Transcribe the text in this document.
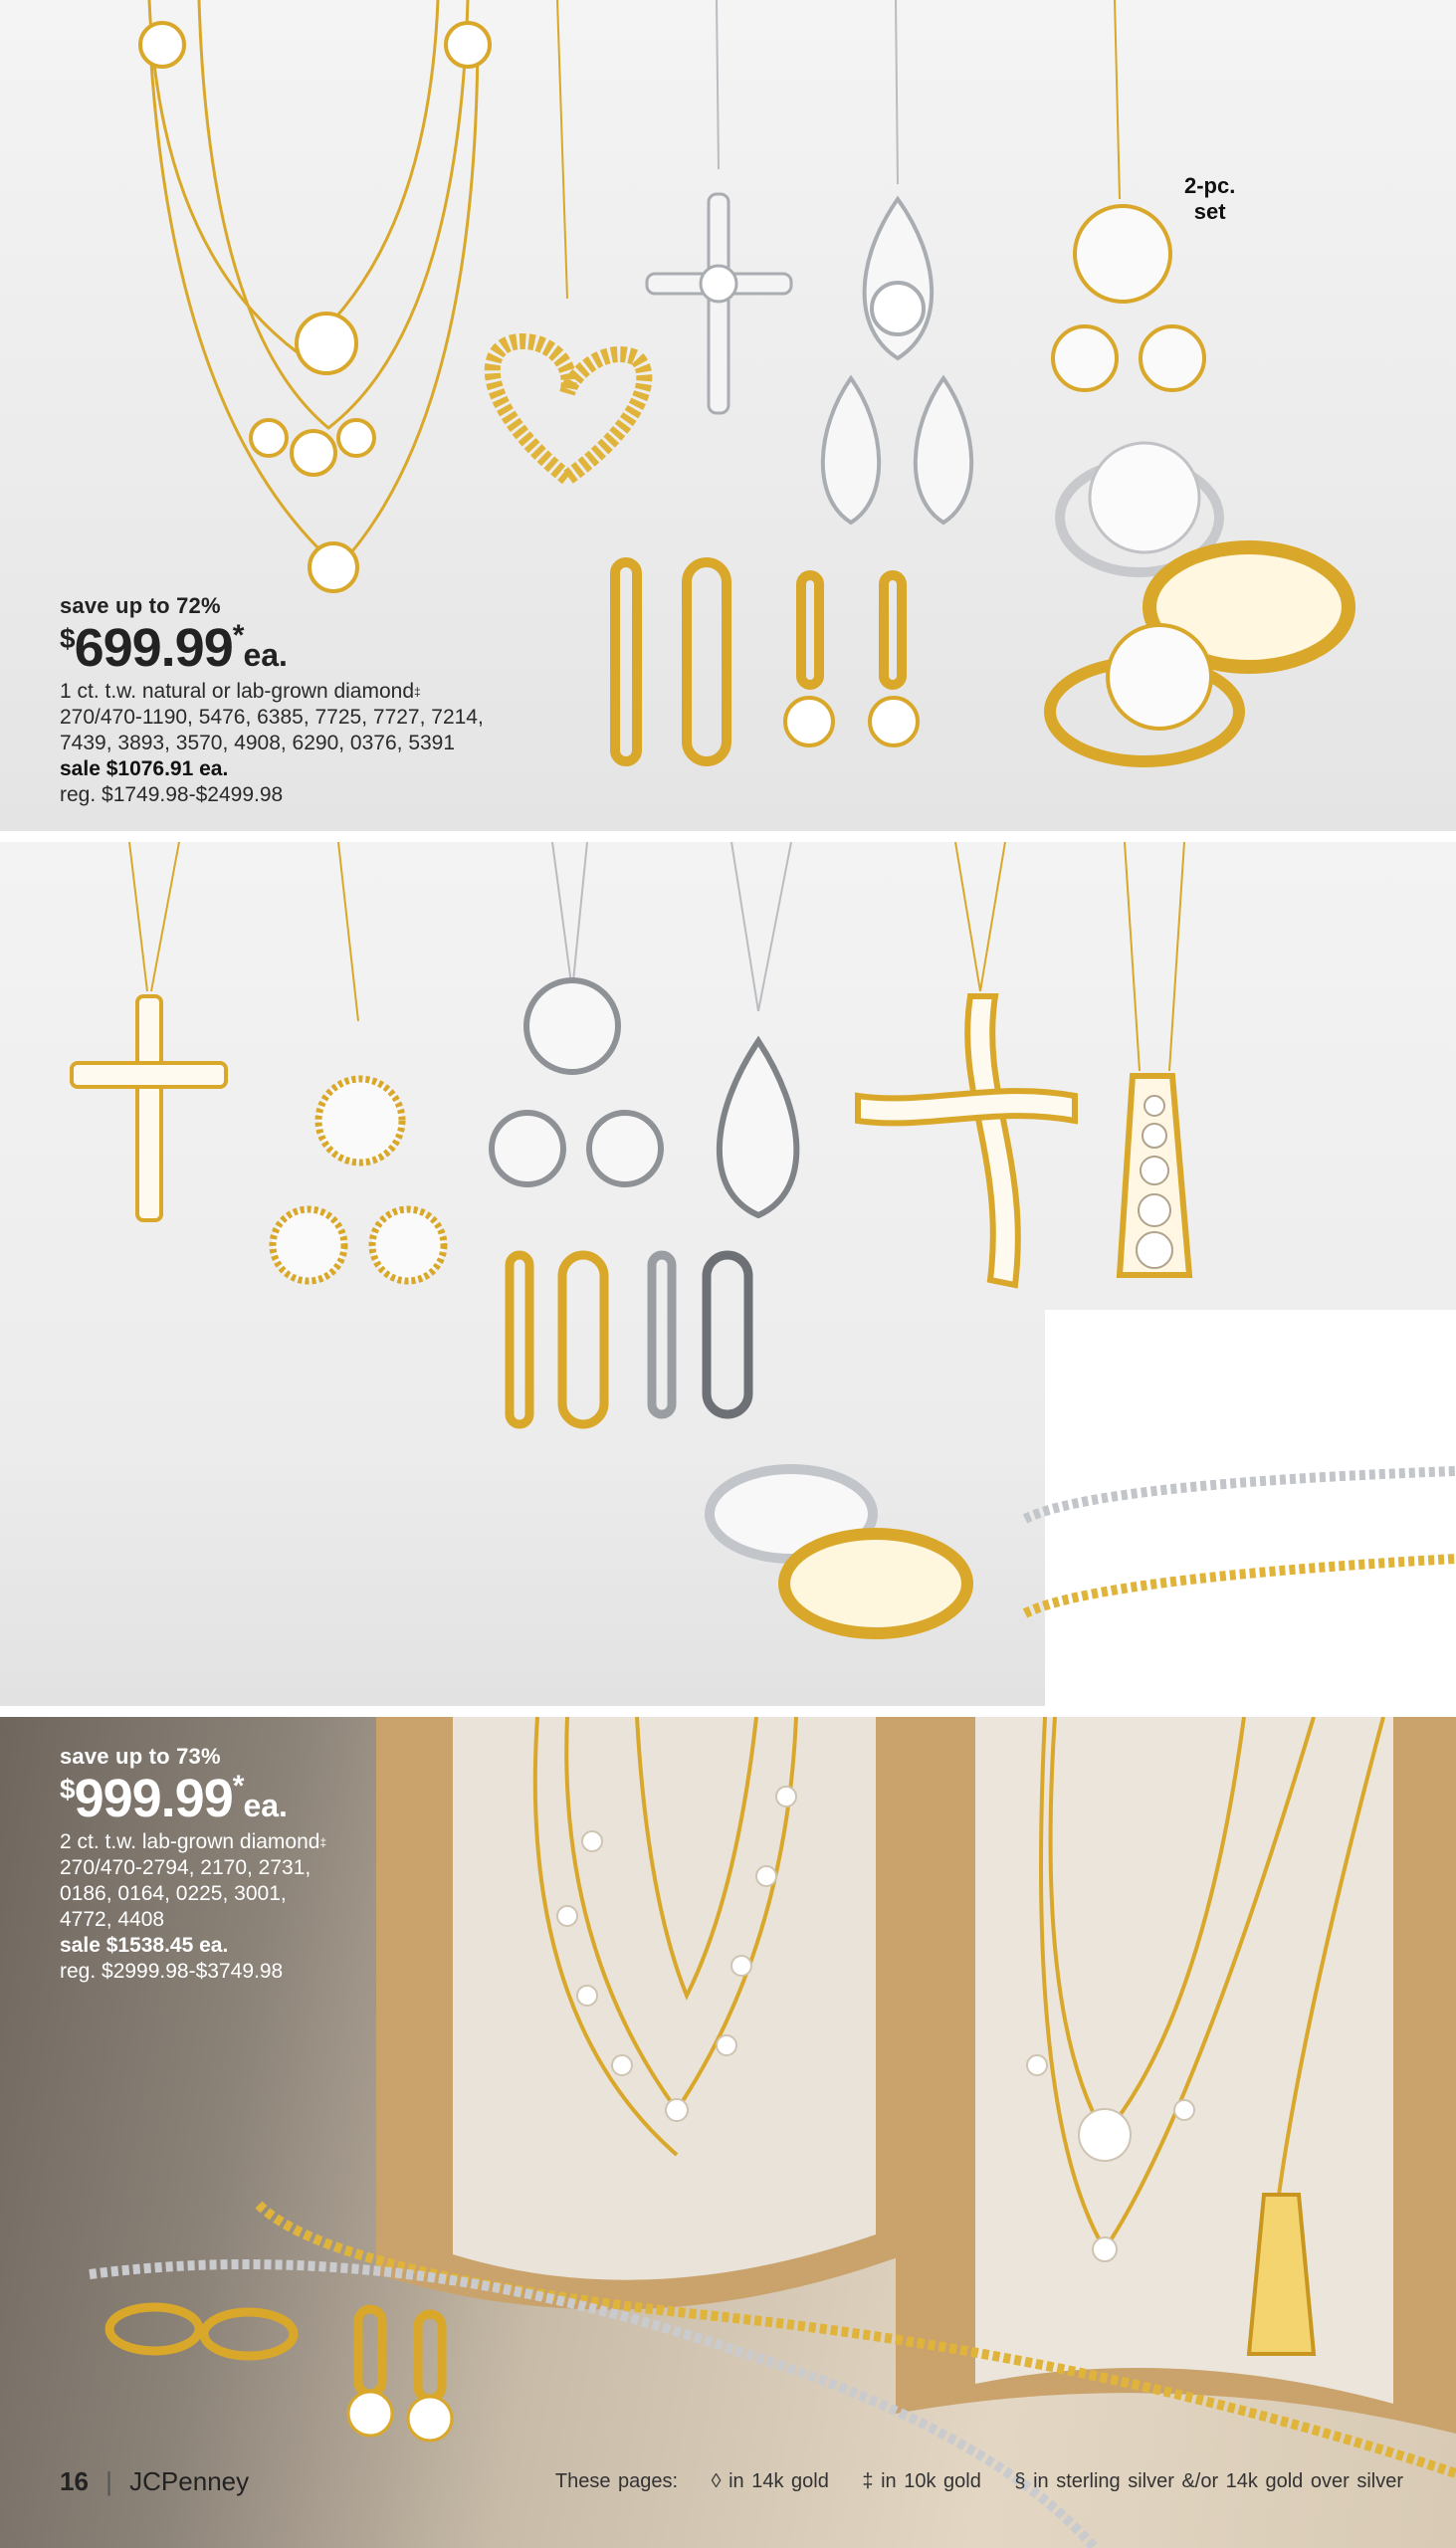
2-pc.
set
save up to 72%
$699.99*ea.
1 ct. t.w. natural or lab-grown diamond‡
270/470-1190, 5476, 6385, 7725, 7727, 7214,
7439, 3893, 3570, 4908, 6290, 0376, 5391
sale $1076.91 ea.
reg. $1749.98-$2499.98

save up to 73%
$999.99*ea.
2 ct. t.w. lab-grown diamond‡
270/470-2794, 2170, 2731,
0186, 0164, 0225, 3001,
4772, 4408
sale $1538.45 ea.
reg. $2999.98-$3749.98
16 | JCPenney	These pages: ◊ in 14k gold ‡ in 10k gold § in sterling silver &/or 14k gold over silver
